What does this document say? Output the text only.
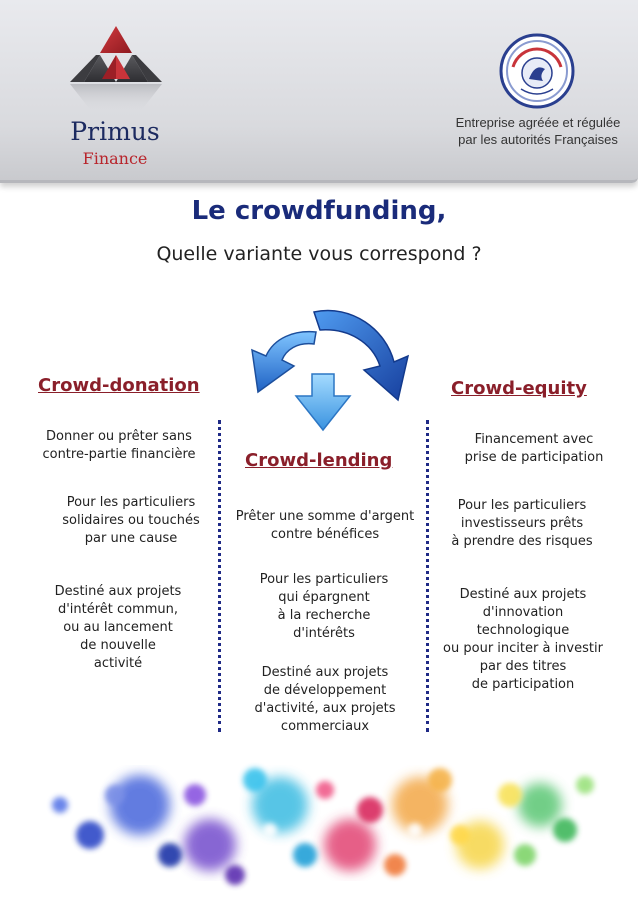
Primus
Finance
Entreprise agréée et régulée
par les autorités Françaises
Le crowdfunding,
Quelle variante vous correspond ?
Crowd-donation	Crowd-equity
Crowd-lending
Donner ou prêter sans
contre-partie financière
Pour les particuliers
solidaires ou touchés
par une cause
Destiné aux projets
d'intérêt commun,
ou au lancement
de nouvelle
activité
Prêter une somme d'argent
contre bénéfices
Pour les particuliers
qui épargnent
à la recherche
d'intérêts
Destiné aux projets
de développement
d'activité, aux projets
commerciaux
Financement avec
prise de participation
Pour les particuliers
investisseurs prêts
à prendre des risques
Destiné aux projets
d'innovation
technologique
ou pour inciter à investir
par des titres
de participation
